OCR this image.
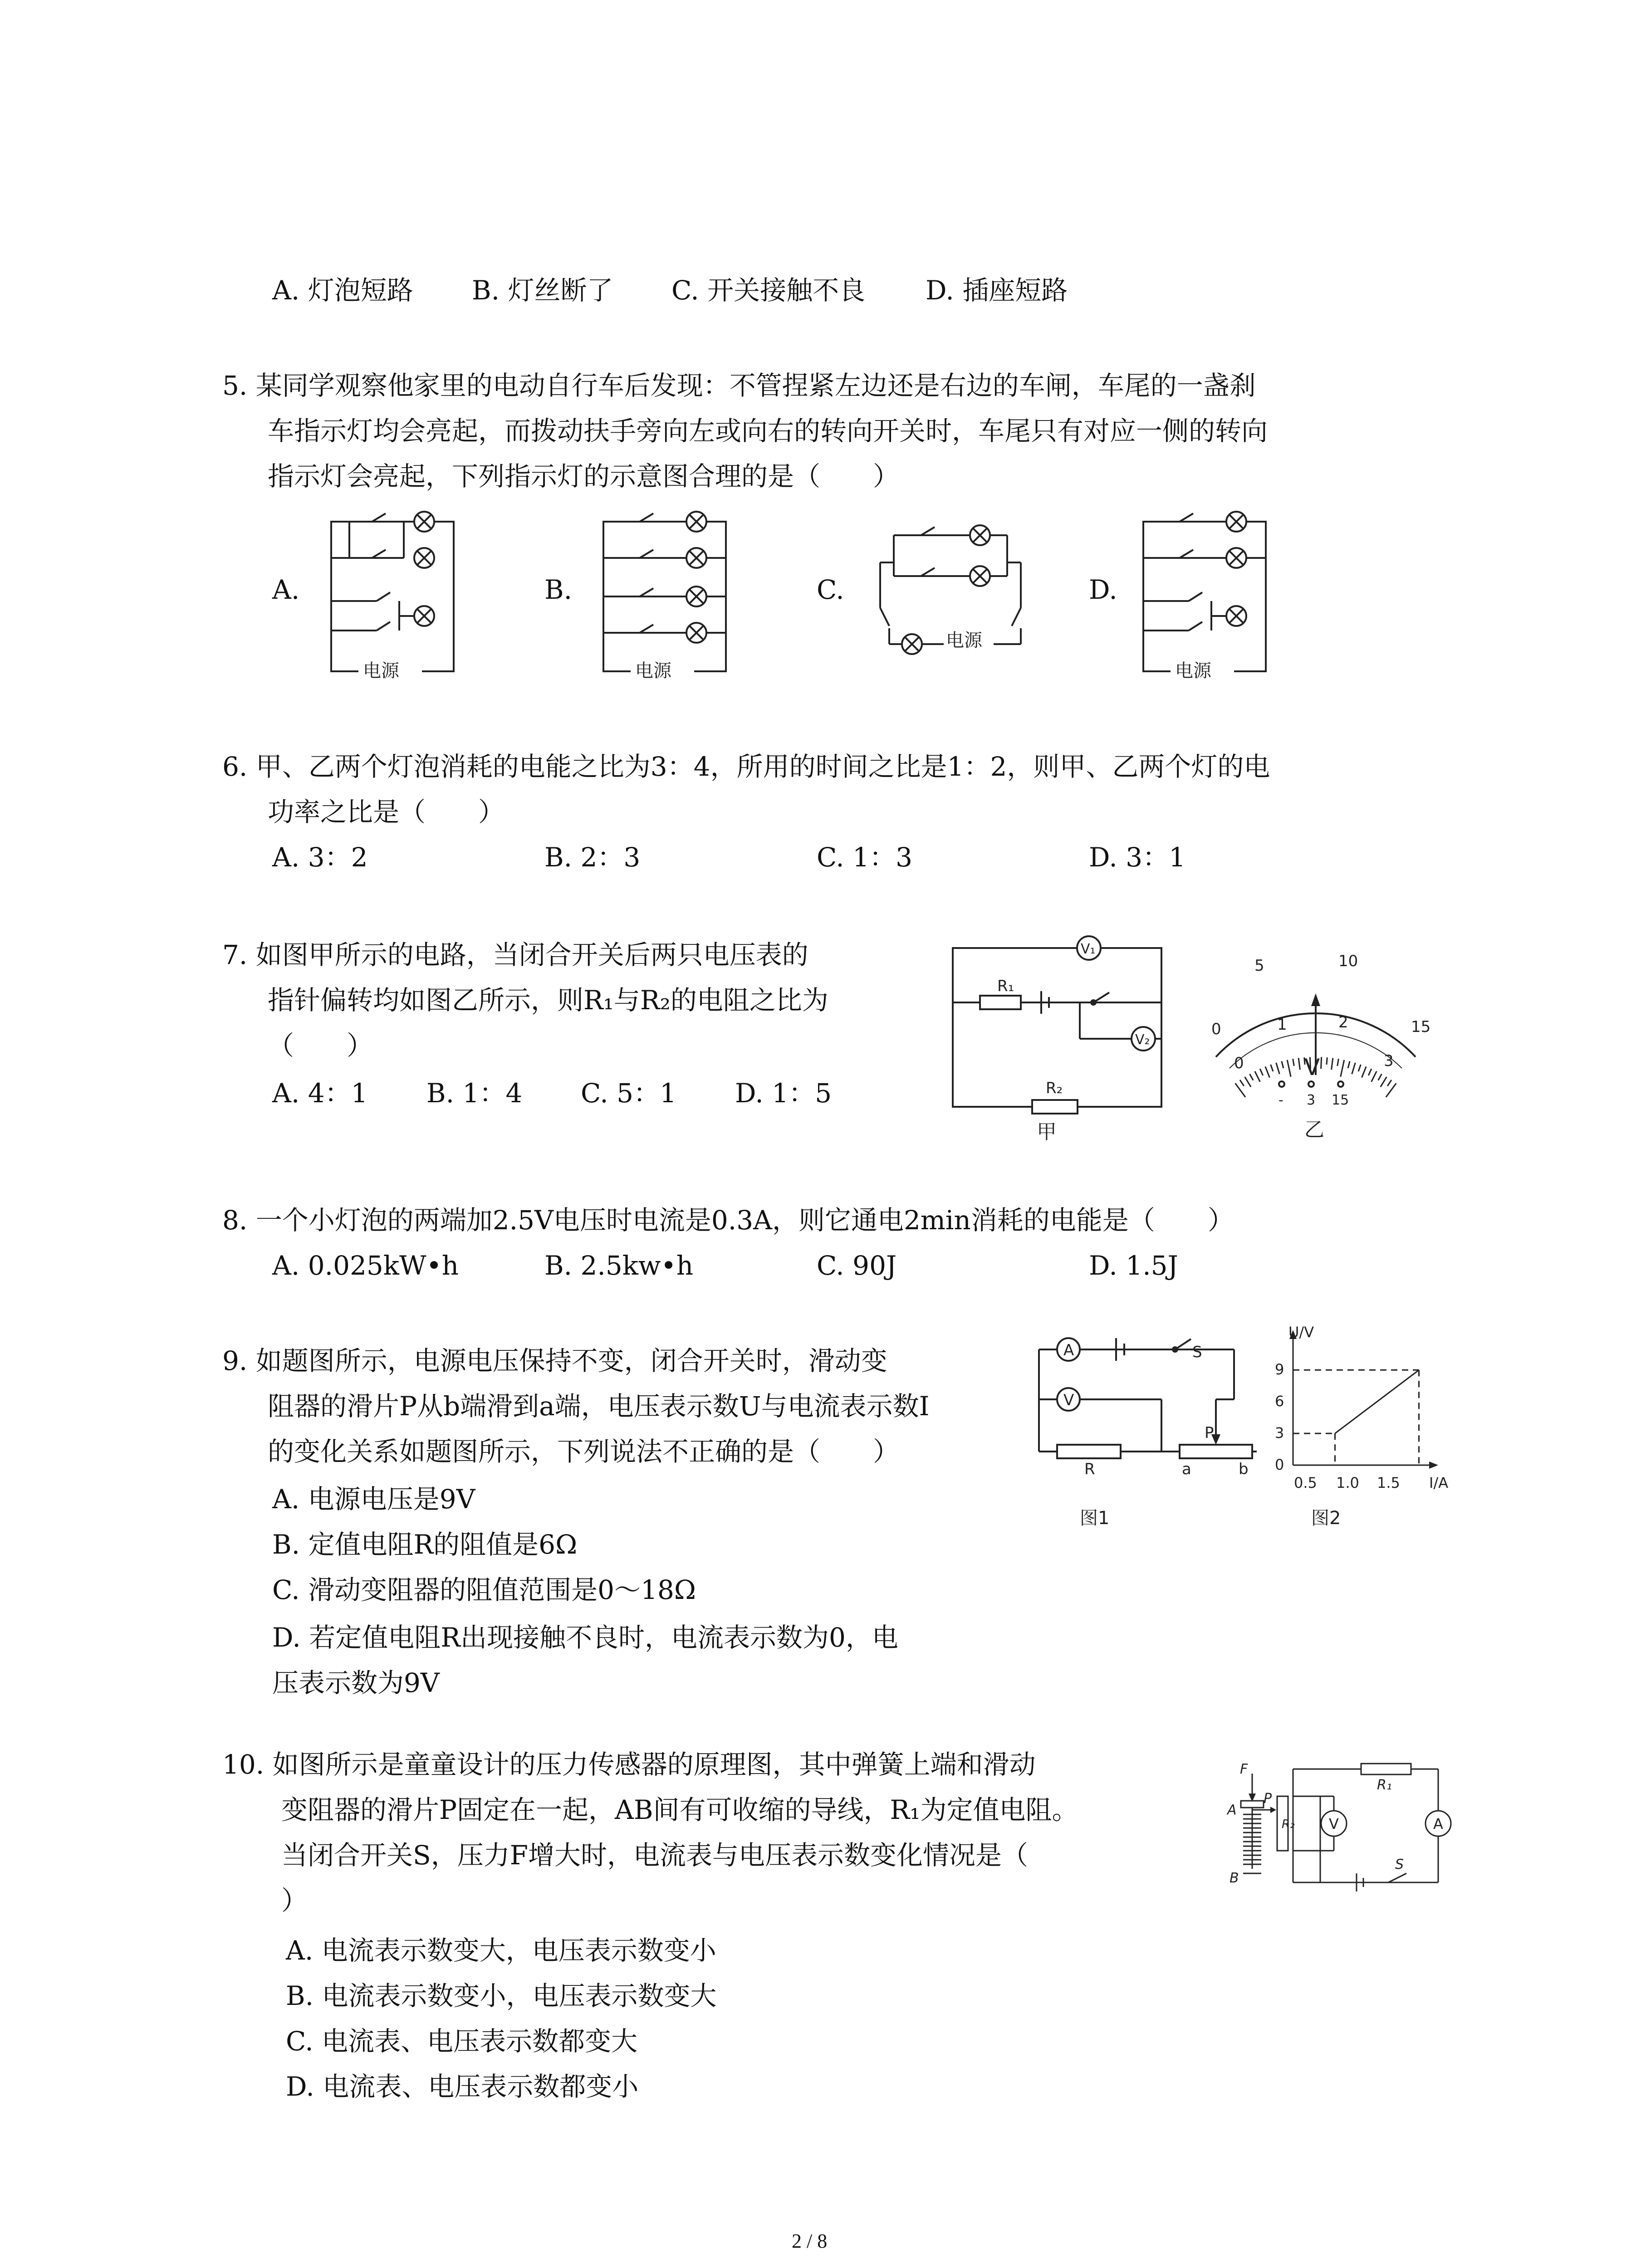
A. 灯泡短路 B. 灯丝断了 C. 开关接触不良 D. 插座短路
5. 某同学观察他家里的电动自行车后发现：不管捏紧左边还是右边的车闸，车尾的一盏刹
车指示灯均会亮起，而拨动扶手旁向左或向右的转向开关时，车尾只有对应一侧的转向
指示灯会亮起，下列指示灯的示意图合理的是（　　）
A.	B.	C.	D.
电源	电源
电源
电源
6. 甲、乙两个灯泡消耗的电能之比为3：4，所用的时间之比是1：2，则甲、乙两个灯的电
功率之比是（　　）
A. 3：2	B. 2：3	C. 1：3	D. 3：1
7. 如图甲所示的电路，当闭合开关后两只电压表的
指针偏转均如图乙所示，则R₁与R₂的电阻之比为
（　　）
A. 4：1 B. 1：4 C. 5：1 D. 1：5
R₁
R₂
V₁
V₂
甲
0
5	10
15
0
1	2
3
V
- 3 15
乙
8. 一个小灯泡的两端加2.5V电压时电流是0.3A，则它通电2min消耗的电能是（　　）
A. 0.025kW•h	B. 2.5kw•h	C. 90J	D. 1.5J
9. 如题图所示，电源电压保持不变，闭合开关时，滑动变
阻器的滑片P从b端滑到a端，电压表示数U与电流表示数I
的变化关系如题图所示，下列说法不正确的是（　　）
A. 电源电压是9V
B. 定值电阻R的阻值是6Ω
C. 滑动变阻器的阻值范围是0～18Ω
D. 若定值电阻R出现接触不良时，电流表示数为0，电
压表示数为9V
A
V
S
R
P
a	b
图1
U/V
I/A
9
6
3
0
0.5 1.0 1.5
图2
10. 如图所示是童童设计的压力传感器的原理图，其中弹簧上端和滑动
变阻器的滑片P固定在一起，AB间有可收缩的导线，R₁为定值电阻。
当闭合开关S，压力F增大时，电流表与电压表示数变化情况是（
）
A. 电流表示数变大，电压表示数变小
B. 电流表示数变小，电压表示数变大
C. 电流表、电压表示数都变大
D. 电流表、电压表示数都变小
F
P
A
B
R₁
R₂ V	A
S
2 / 8
